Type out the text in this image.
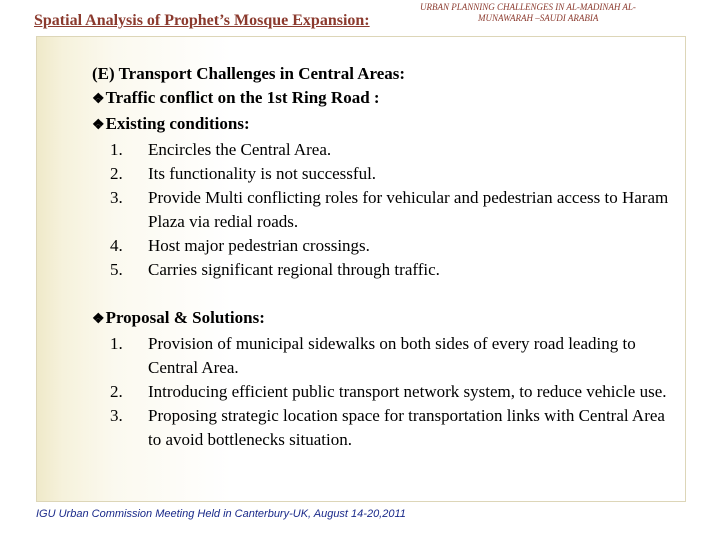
Spatial Analysis of Prophet’s Mosque Expansion:
URBAN PLANNING CHALLENGES IN AL-MADINAH AL-
MUNAWARAH –SAUDI ARABIA
(E) Transport Challenges in Central Areas:
❖Traffic conflict on the 1st Ring Road :
❖Existing conditions:
1. Encircles the Central Area.
2. Its functionality is not successful.
3. Provide Multi conflicting roles for vehicular and pedestrian access to Haram Plaza via redial roads.
4. Host major pedestrian crossings.
5. Carries significant regional through traffic.
❖Proposal & Solutions:
1. Provision of municipal sidewalks on both sides of every road leading to Central Area.
2. Introducing efficient public transport network system, to reduce vehicle use.
3. Proposing strategic location space for transportation links with Central Area to avoid bottlenecks situation.
IGU Urban Commission Meeting Held in Canterbury-UK, August 14-20,2011
